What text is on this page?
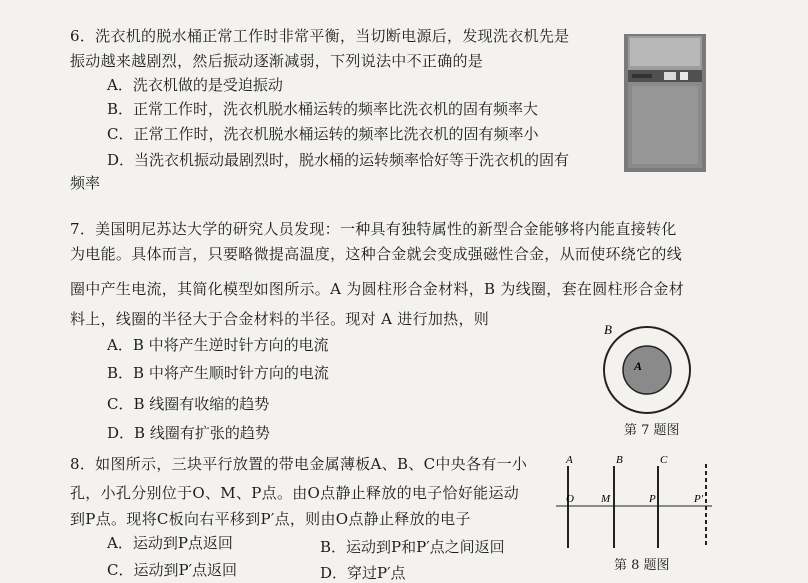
6．洗衣机的脱水桶正常工作时非常平衡，当切断电源后，发现洗衣机先是
振动越来越剧烈，然后振动逐渐减弱，下列说法中不正确的是
A．洗衣机做的是受迫振动
B．正常工作时，洗衣机脱水桶运转的频率比洗衣机的固有频率大
C．正常工作时，洗衣机脱水桶运转的频率比洗衣机的固有频率小
D．当洗衣机振动最剧烈时，脱水桶的运转频率恰好等于洗衣机的固有
频率
7．美国明尼苏达大学的研究人员发现：一种具有独特属性的新型合金能够将内能直接转化
为电能。具体而言，只要略微提高温度，这种合金就会变成强磁性合金，从而使环绕它的线
圈中产生电流，其简化模型如图所示。A 为圆柱形合金材料，B 为线圈，套在圆柱形合金材
料上，线圈的半径大于合金材料的半径。现对 A 进行加热，则
A．B 中将产生逆时针方向的电流
B．B 中将产生顺时针方向的电流
C．B 线圈有收缩的趋势
D．B 线圈有扩张的趋势
B
A
第 7 题图
8．如图所示，三块平行放置的带电金属薄板A、B、C中央各有一小
孔，小孔分别位于O、M、P点。由O点静止释放的电子恰好能运动
到P点。现将C板向右平移到P′点，则由O点静止释放的电子
A．运动到P点返回	B．运动到P和P′点之间返回
C．运动到P′点返回	D．穿过P′点
A	B	C
O M	P	P′
第 8 题图
